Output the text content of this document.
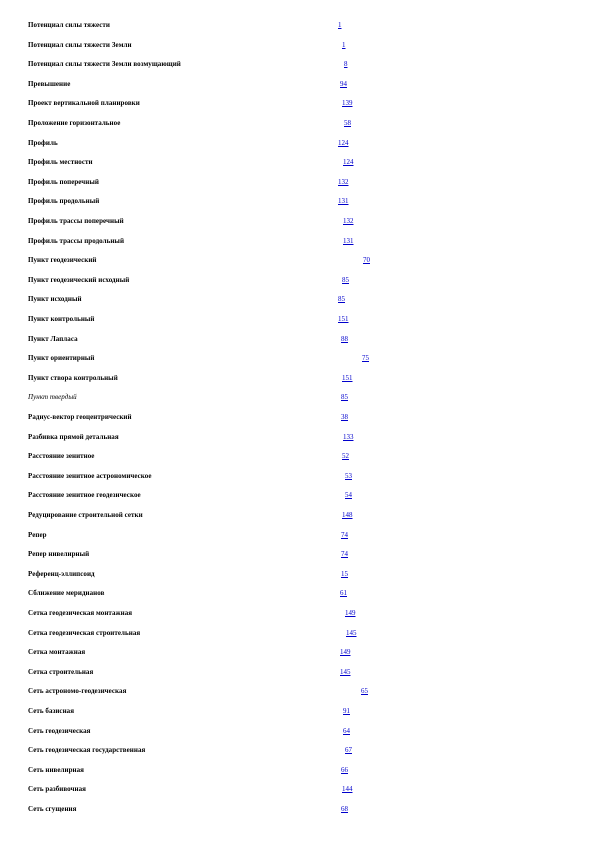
Потенциал силы тяжести	1
Потенциал силы тяжести Земли	1
Потенциал силы тяжести Земли возмущающий	8
Превышение	94
Проект вертикальной планировки	139
Проложение горизонтальное	58
Профиль	124
Профиль местности	124
Профиль поперечный	132
Профиль продольный	131
Профиль трассы поперечный	132
Профиль трассы продольный	131
Пункт геодезический	70
Пункт геодезический исходный	85
Пункт исходный	85
Пункт контрольный	151
Пункт Лапласа	88
Пункт ориентирный	75
Пункт створа контрольный	151
Пункт твердый	85
Радиус-вектор геоцентрический	38
Разбивка прямой детальная	133
Расстояние зенитное	52
Расстояние зенитное астрономическое	53
Расстояние зенитное геодезическое	54
Редуцирование строительной сетки	148
Репер	74
Репер нивелирный	74
Референц-эллипсоид	15
Сближение меридианов	61
Сетка геодезическая монтажная	149
Сетка геодезическая строительная	145
Сетка монтажная	149
Сетка строительная	145
Сеть астрономо-геодезическая	65
Сеть базисная	91
Сеть геодезическая	64
Сеть геодезическая государственная	67
Сеть нивелирная	66
Сеть разбивочная	144
Сеть сгущения	68
